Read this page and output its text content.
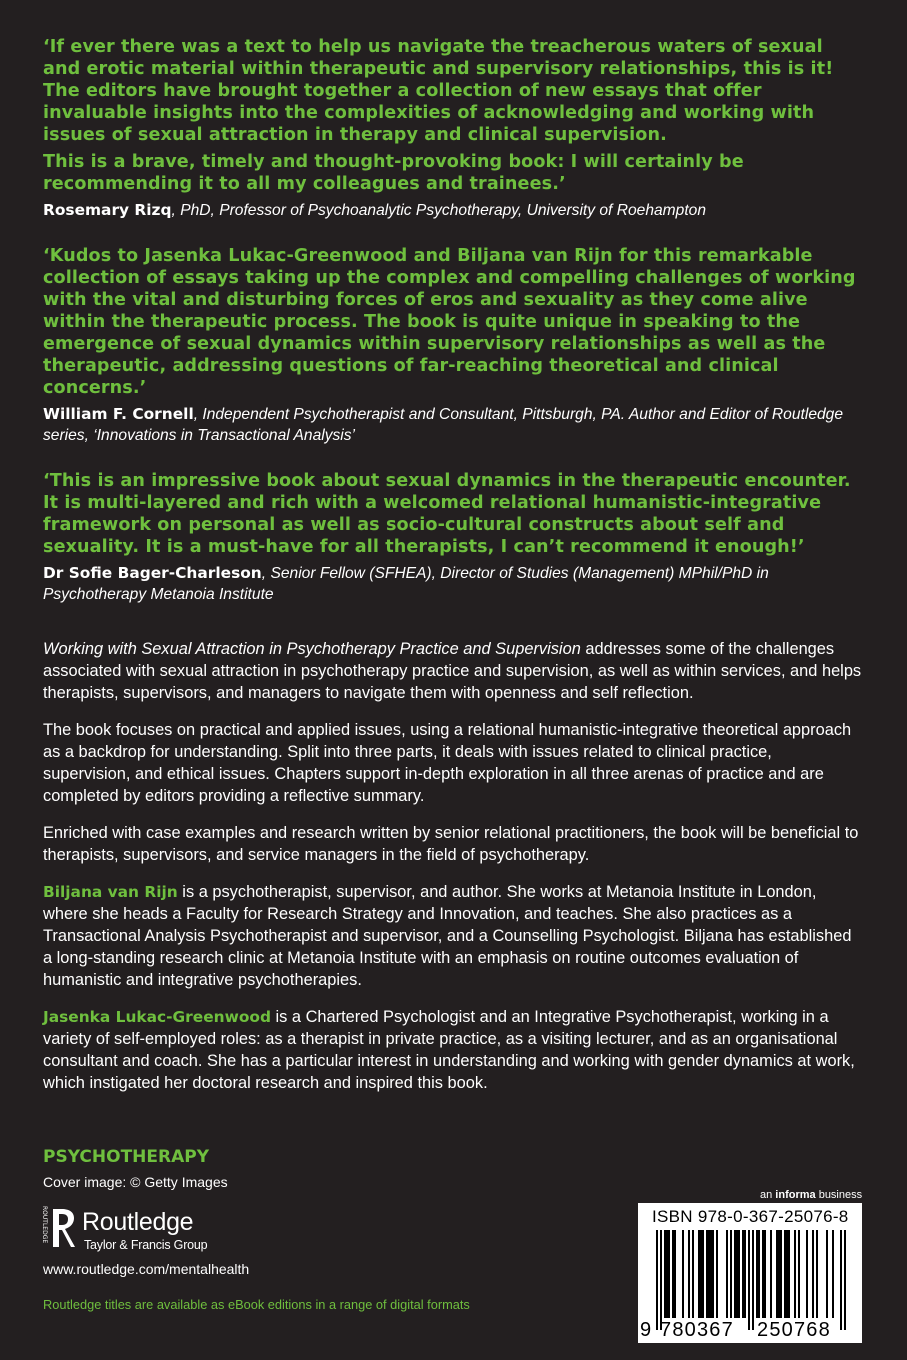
‘If ever there was a text to help us navigate the treacherous waters of sexual and erotic material within therapeutic and supervisory relationships, this is it! The editors have brought together a collection of new essays that offer invaluable insights into the complexities of acknowledging and working with issues of sexual attraction in therapy and clinical supervision.

This is a brave, timely and thought-provoking book: I will certainly be recommending it to all my colleagues and trainees.’

Rosemary Rizq, PhD, Professor of Psychoanalytic Psychotherapy, University of Roehampton

‘Kudos to Jasenka Lukac-Greenwood and Biljana van Rijn for this remarkable collection of essays taking up the complex and compelling challenges of working with the vital and disturbing forces of eros and sexuality as they come alive within the therapeutic process. The book is quite unique in speaking to the emergence of sexual dynamics within supervisory relationships as well as the therapeutic, addressing questions of far-reaching theoretical and clinical concerns.’

William F. Cornell, Independent Psychotherapist and Consultant, Pittsburgh, PA. Author and Editor of Routledge series, ‘Innovations in Transactional Analysis’

‘This is an impressive book about sexual dynamics in the therapeutic encounter. It is multi-layered and rich with a welcomed relational humanistic-integrative framework on personal as well as socio-cultural constructs about self and sexuality. It is a must-have for all therapists, I can’t recommend it enough!’

Dr Sofie Bager-Charleson, Senior Fellow (SFHEA), Director of Studies (Management) MPhil/PhD in Psychotherapy Metanoia Institute

Working with Sexual Attraction in Psychotherapy Practice and Supervision addresses some of the challenges associated with sexual attraction in psychotherapy practice and supervision, as well as within services, and helps therapists, supervisors, and managers to navigate them with openness and self reflection.

The book focuses on practical and applied issues, using a relational humanistic-integrative theoretical approach as a backdrop for understanding. Split into three parts, it deals with issues related to clinical practice, supervision, and ethical issues. Chapters support in-depth exploration in all three arenas of practice and are completed by editors providing a reflective summary.

Enriched with case examples and research written by senior relational practitioners, the book will be beneficial to therapists, supervisors, and service managers in the field of psychotherapy.

Biljana van Rijn is a psychotherapist, supervisor, and author. She works at Metanoia Institute in London, where she heads a Faculty for Research Strategy and Innovation, and teaches. She also practices as a Transactional Analysis Psychotherapist and supervisor, and a Counselling Psychologist. Biljana has established a long-standing research clinic at Metanoia Institute with an emphasis on routine outcomes evaluation of humanistic and integrative psychotherapies.

Jasenka Lukac-Greenwood is a Chartered Psychologist and an Integrative Psychotherapist, working in a variety of self-employed roles: as a therapist in private practice, as a visiting lecturer, and as an organisational consultant and coach. She has a particular interest in understanding and working with gender dynamics at work, which instigated her doctoral research and inspired this book.

PSYCHOTHERAPY
Cover image: © Getty Images
ROUTLEDGE Routledge
Taylor & Francis Group
www.routledge.com/mentalhealth
Routledge titles are available as eBook editions in a range of digital formats
an informa business
ISBN 978-0-367-25076-8
9 780367 250768
